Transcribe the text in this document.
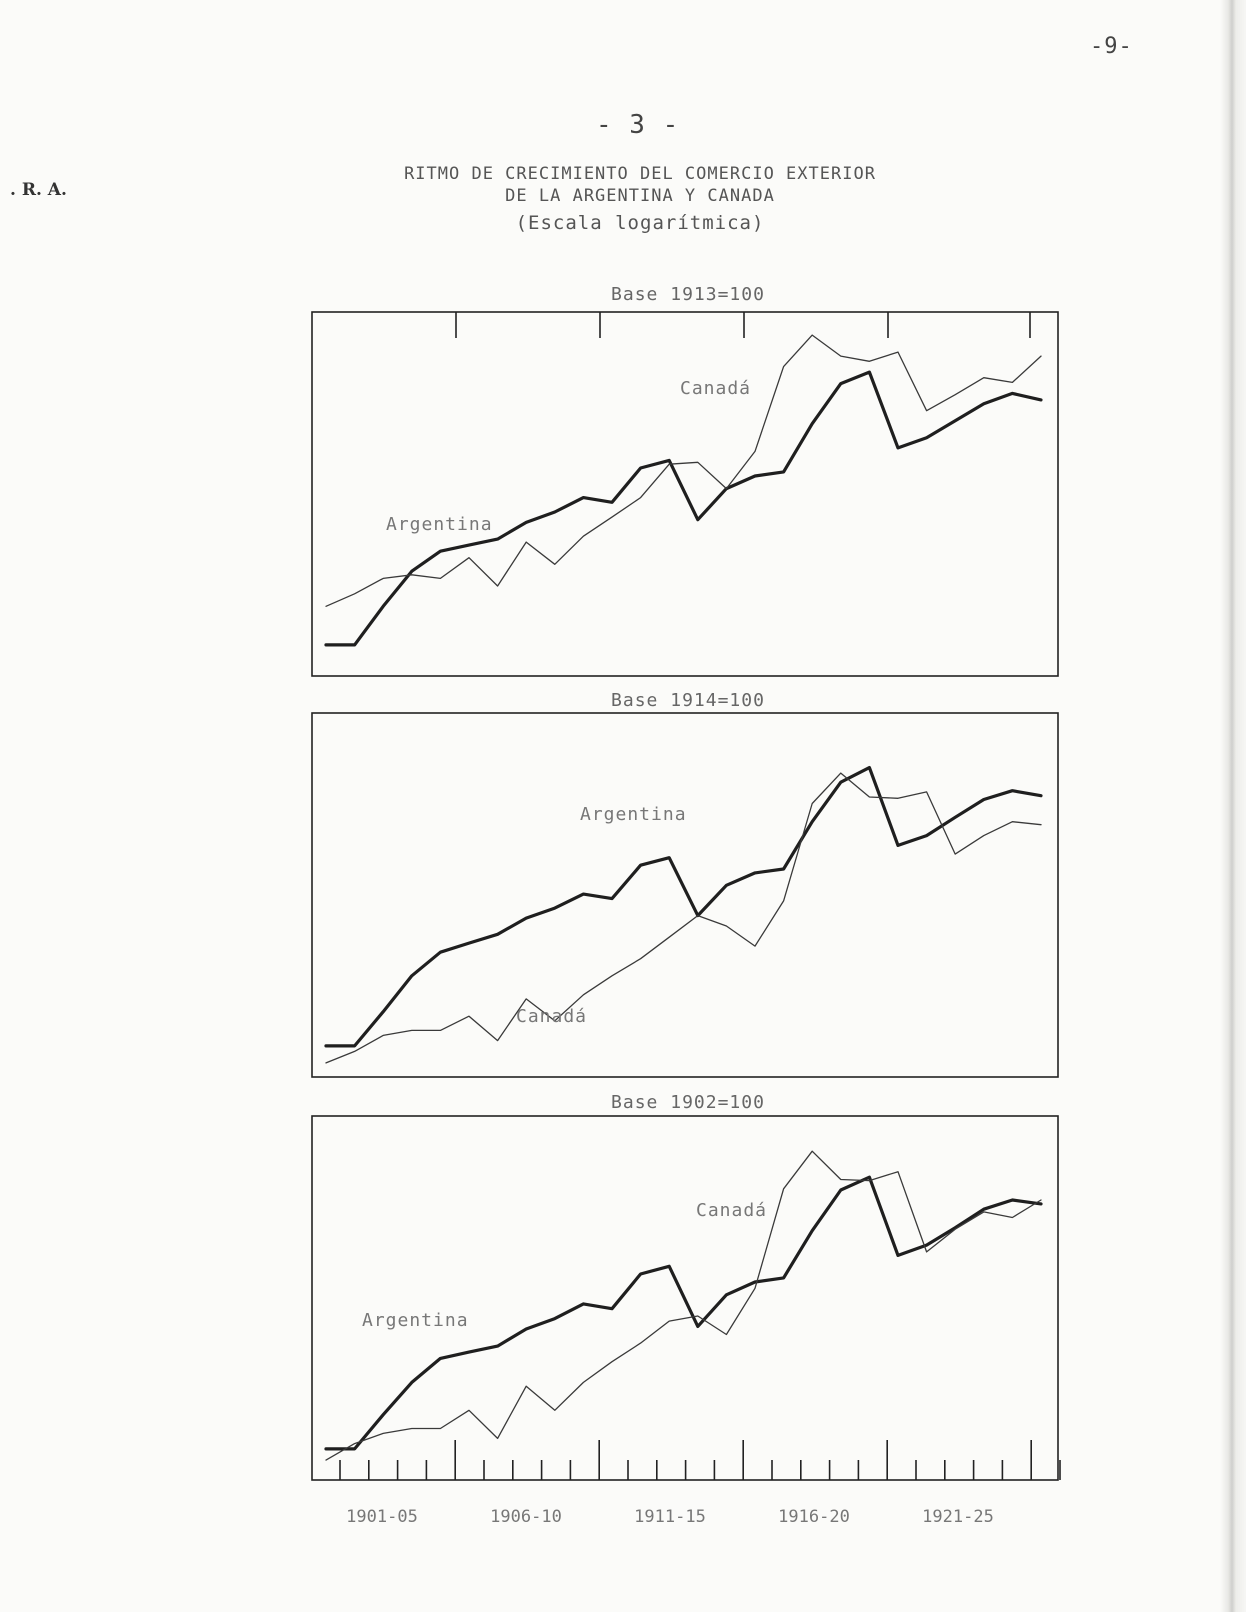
-9-
- 3 -
. R. A.
RITMO DE CRECIMIENTO DEL COMERCIO EXTERIOR
DE LA ARGENTINA Y CANADA
(Escala logarítmica)
Base 1913=100
Base 1914=100
Base 1902=100
Argentina
Canadá
Argentina
Canadá
1901-05	1906-10	1911-15	1916-20	1921-25
Argentina
Canadá
